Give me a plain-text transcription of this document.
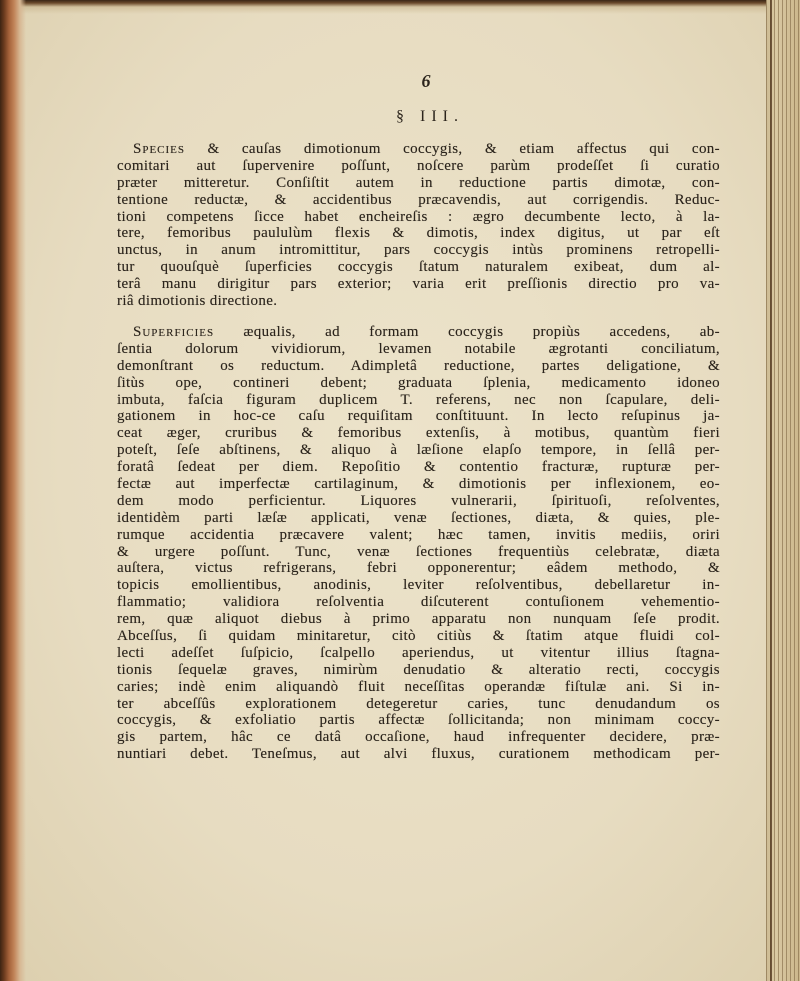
6
§ III.
Species & cauſas dimotionum coccygis, & etiam affectus qui con-
comitari aut ſupervenire poſſunt, noſcere parùm prodeſſet ſi curatio
præter mitteretur. Conſiſtit autem in reductione partis dimotæ, con-
tentione reductæ, & accidentibus præcavendis, aut corrigendis. Reduc-
tioni competens ſicce habet encheireſis : ægro decumbente lecto, à la-
tere, femoribus paululùm flexis & dimotis, index digitus, ut par eſt
unctus, in anum intromittitur, pars coccygis intùs prominens retropelli-
tur quouſquè ſuperficies coccygis ſtatum naturalem exibeat, dum al-
terâ manu dirigitur pars exterior; varia erit preſſionis directio pro va-
riâ dimotionis directione.
Superficies æqualis, ad formam coccygis propiùs accedens, ab-
ſentia dolorum vividiorum, levamen notabile ægrotanti conciliatum,
demonſtrant os reductum. Adimpletâ reductione, partes deligatione, &
ſitùs ope, contineri debent; graduata ſplenia, medicamento idoneo
imbuta, faſcia figuram duplicem T. referens, nec non ſcapulare, deli-
gationem in hoc-ce caſu requiſitam conſtituunt. In lecto reſupinus ja-
ceat æger, cruribus & femoribus extenſis, à motibus, quantùm fieri
poteſt, ſeſe abſtinens, & aliquo à læſione elapſo tempore, in ſellâ per-
foratâ ſedeat per diem. Repoſitio & contentio fracturæ, rupturæ per-
fectæ aut imperfectæ cartilaginum, & dimotionis per inflexionem, eo-
dem modo perficientur. Liquores vulnerarii, ſpirituoſi, reſolventes,
identidèm parti læſæ applicati, venæ ſectiones, diæta, & quies, ple-
rumque accidentia præcavere valent; hæc tamen, invitis mediis, oriri
& urgere poſſunt. Tunc, venæ ſectiones frequentiùs celebratæ, diæta
auſtera, victus refrigerans, febri opponerentur; eâdem methodo, &
topicis emollientibus, anodinis, leviter reſolventibus, debellaretur in-
flammatio; validiora reſolventia diſcuterent contuſionem vehementio-
rem, quæ aliquot diebus à primo apparatu non nunquam ſeſe prodit.
Abceſſus, ſi quidam minitaretur, citò citiùs & ſtatim atque fluidi col-
lecti adeſſet ſuſpicio, ſcalpello aperiendus, ut vitentur illius ſtagna-
tionis ſequelæ graves, nimirùm denudatio & alteratio recti, coccygis
caries; indè enim aliquandò fluit neceſſitas operandæ fiſtulæ ani. Si in-
ter abceſſûs explorationem detegeretur caries, tunc denudandum os
coccygis, & exfoliatio partis affectæ ſollicitanda; non minimam coccy-
gis partem, hâc ce datâ occaſione, haud infrequenter decidere, præ-
nuntiari debet. Teneſmus, aut alvi fluxus, curationem methodicam per-
